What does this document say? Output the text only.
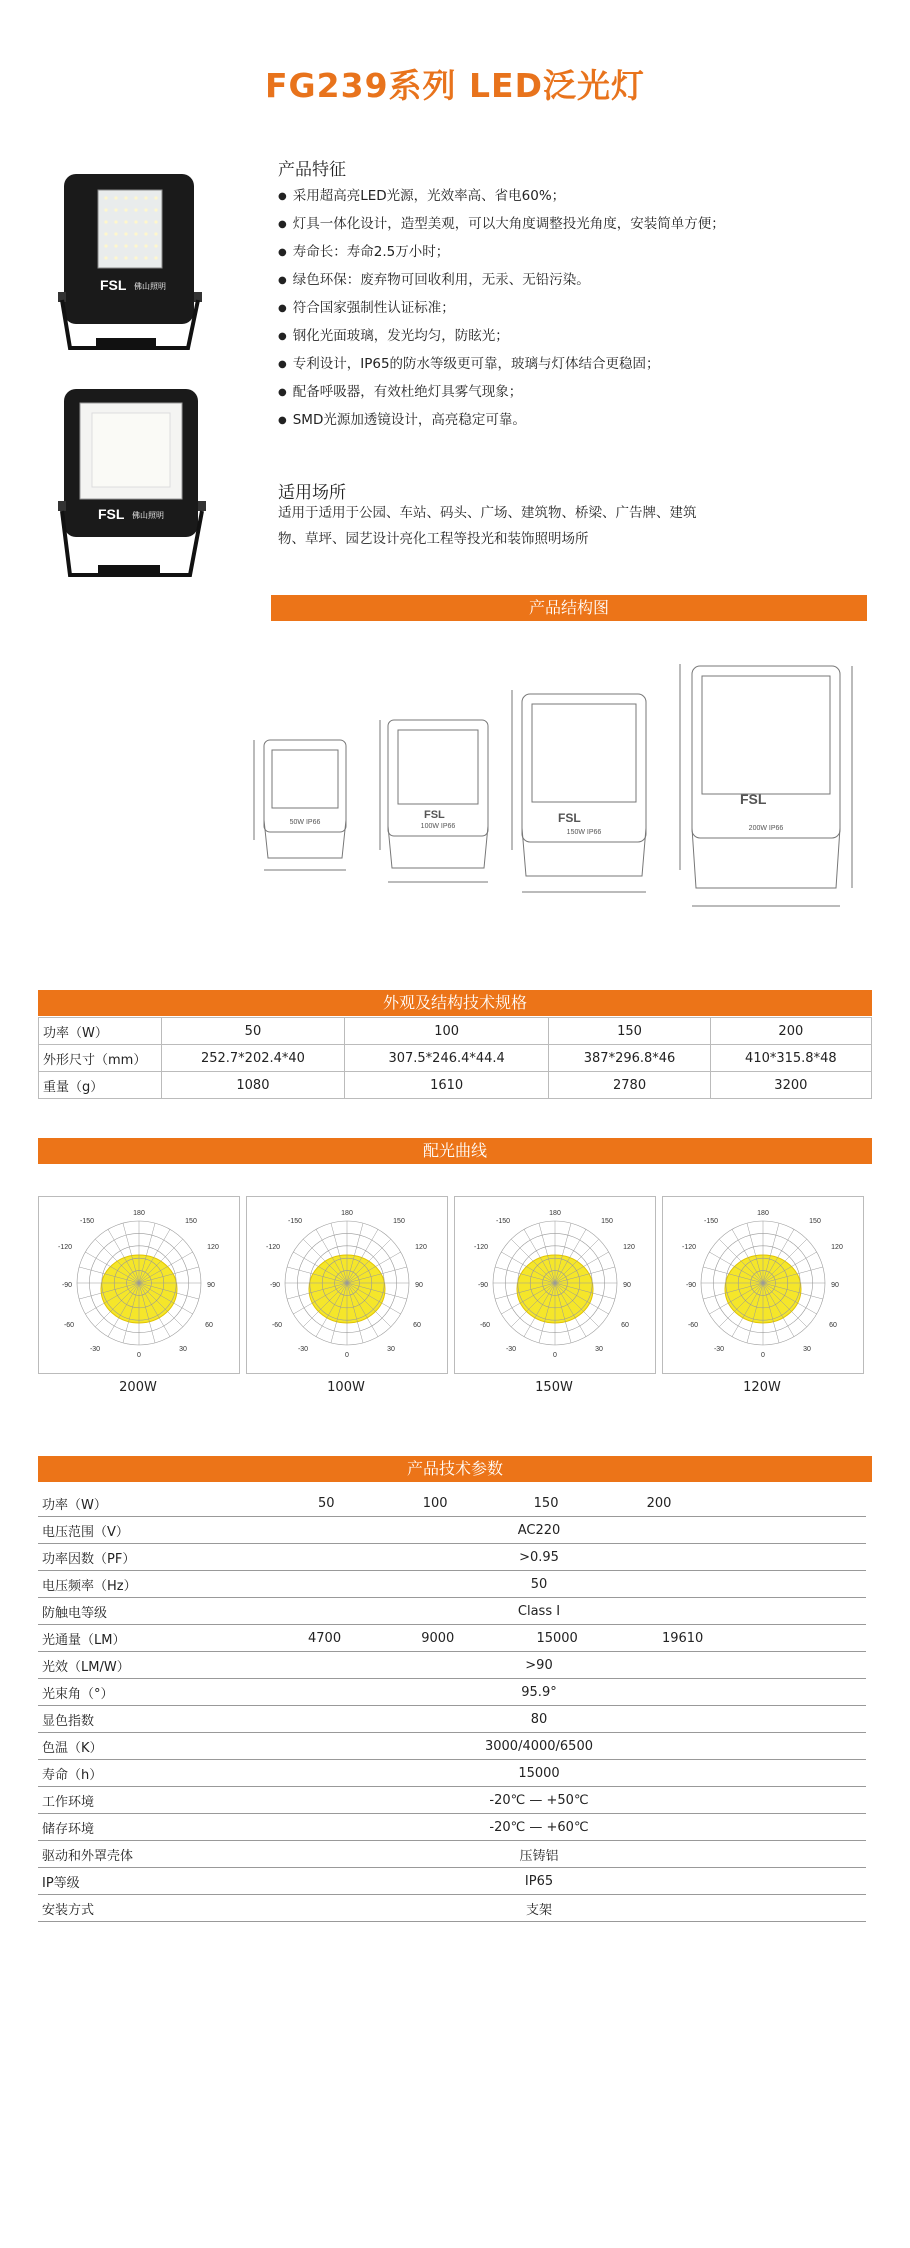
FG239系列 LED泛光灯
FSL 佛山照明
FSL 佛山照明
产品特征
● 采用超高亮LED光源，光效率高、省电60%；
● 灯具一体化设计，造型美观，可以大角度调整投光角度，安装简单方便；
● 寿命长：寿命2.5万小时；
● 绿色环保：废弃物可回收利用，无汞、无铅污染。
● 符合国家强制性认证标准；
● 钢化光面玻璃，发光均匀，防眩光；
● 专利设计，IP65的防水等级更可靠，玻璃与灯体结合更稳固；
● 配备呼吸器，有效杜绝灯具雾气现象；
● SMD光源加透镜设计，高亮稳定可靠。
适用场所
适用于适用于公园、车站、码头、广场、建筑物、桥梁、广告牌、建筑
物、草坪、园艺设计亮化工程等投光和装饰照明场所
产品结构图
50W IP66
100W IP66
150W IP66
200W IP66
FSL	FSL
FSL
外观及结构技术规格
功率（W）	50	100	150	200
外形尺寸（mm）	252.7*202.4*40	307.5*246.4*44.4	387*296.8*46	410*315.8*48
重量（g）	1080	1610	2780	3200
配光曲线
180
-150	150
-120	120
-90	90
-60	60
-30	30
0
180
-150	150
-120	120
-90	90
-60	60
-30	30
0
180
-150	150
-120	120
-90	90
-60	60
-30	30
0
180
-150	150
-120	120
-90	90
-60	60
-30	30
0
200W	100W	150W	120W
产品技术参数
功率（W）	50 100 150 200
电压范围（V）	AC220
功率因数（PF）	>0.95
电压频率（Hz）	50
防触电等级	Class Ⅰ
光通量（LM）	4700 9000 15000 19610
光效（LM/W）	>90
光束角（°）	95.9°
显色指数	80
色温（K）	3000/4000/6500
寿命（h）	15000
工作环境	-20℃ — +50℃
储存环境	-20℃ — +60℃
驱动和外罩壳体	压铸铝
IP等级	IP65
安装方式	支架
